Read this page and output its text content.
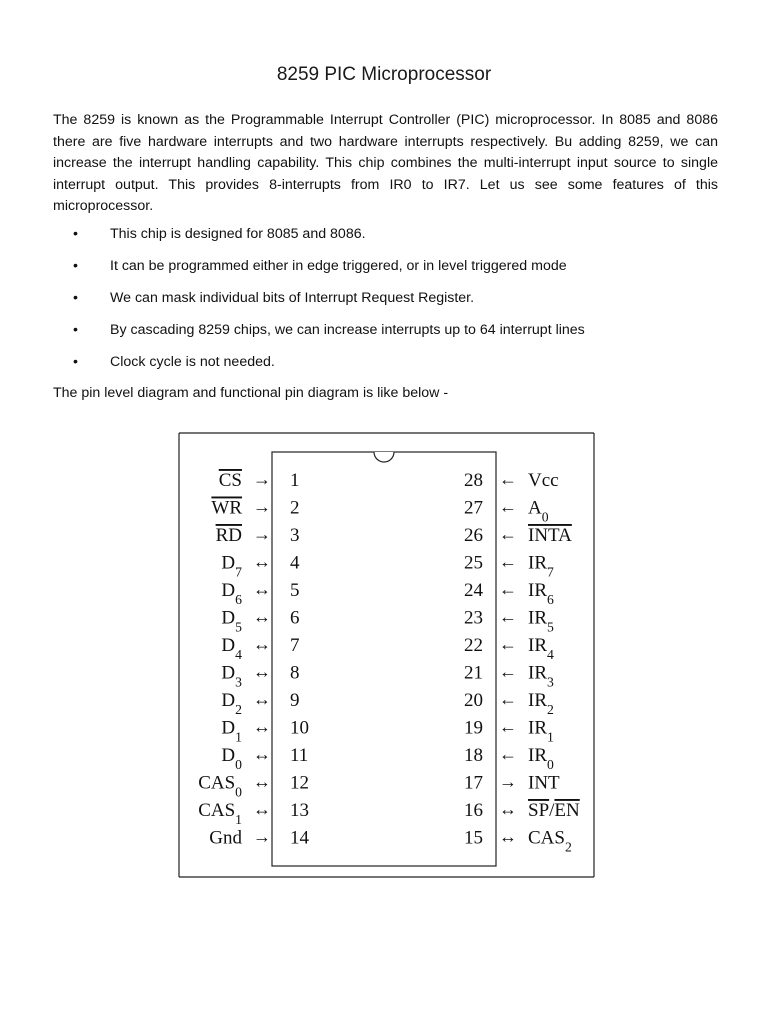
8259 PIC Microprocessor

The 8259 is known as the Programmable Interrupt Controller (PIC) microprocessor. In 8085 and 8086 there are five hardware interrupts and two hardware interrupts respectively. Bu adding 8259, we can increase the interrupt handling capability. This chip combines the multi-interrupt input source to single interrupt output. This provides 8-interrupts from IR0 to IR7. Let us see some features of this microprocessor.

• This chip is designed for 8085 and 8086.
• It can be programmed either in edge triggered, or in level triggered mode
• We can mask individual bits of Interrupt Request Register.
• By cascading 8259 chips, we can increase interrupts up to 64 interrupt lines
• Clock cycle is not needed.
The pin level diagram and functional pin diagram is like below -
CS → 1
WR → 2
RD → 3
$D_7$ ↔ 4
$D_6$ ↔ 5
$D_5$ ↔ 6
$D_4$ ↔ 7
$D_3$ ↔ 8
$D_2$ ↔ 9
$D_1$ ↔ 10
$D_0$ ↔ 11
$CAS_0$ ↔ 12
$CAS_1$ ↔ 13
Gnd → 14
28 ← Vcc
27 ← $A_0$
26 ← INTA
25 ← $IR_7$
24 ← $IR_6$
23 ← $IR_5$
22 ← $IR_4$
21 ← $IR_3$
20 ← $IR_2$
19 ← $IR_1$
18 ← $IR_0$
17 → INT
16 ↔ SP/EN
15 ↔ $CAS_2$
